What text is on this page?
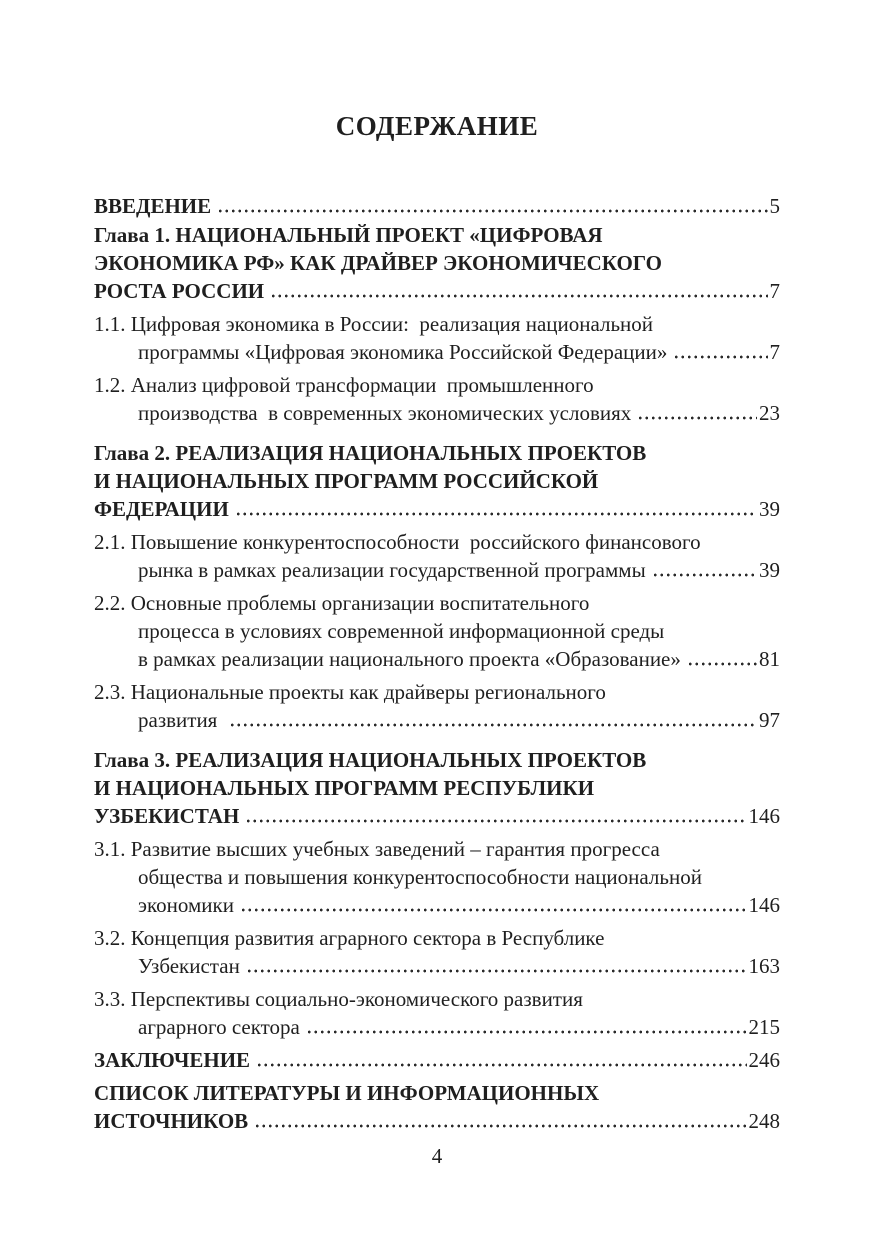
СОДЕРЖАНИЕ
ВВЕДЕНИЕ	5
Глава 1. НАЦИОНАЛЬНЫЙ ПРОЕКТ «ЦИФРОВАЯ
ЭКОНОМИКА РФ» КАК ДРАЙВЕР ЭКОНОМИЧЕСКОГО
РОСТА РОССИИ	7
1.1. Цифровая экономика в России:  реализация национальной
программы «Цифровая экономика Российской Федерации»	7
1.2. Анализ цифровой трансформации  промышленного
производства  в современных экономических условиях	23
Глава 2. РЕАЛИЗАЦИЯ НАЦИОНАЛЬНЫХ ПРОЕКТОВ
И НАЦИОНАЛЬНЫХ ПРОГРАММ РОССИЙСКОЙ
ФЕДЕРАЦИИ	39
2.1. Повышение конкурентоспособности  российского финансового
рынка в рамках реализации государственной программы	39
2.2. Основные проблемы организации воспитательного
процесса в условиях современной информационной среды
в рамках реализации национального проекта «Образование»	81
2.3. Национальные проекты как драйверы регионального
развития	97
Глава 3. РЕАЛИЗАЦИЯ НАЦИОНАЛЬНЫХ ПРОЕКТОВ
И НАЦИОНАЛЬНЫХ ПРОГРАММ РЕСПУБЛИКИ
УЗБЕКИСТАН	146
3.1. Развитие высших учебных заведений – гарантия прогресса
общества и повышения конкурентоспособности национальной
экономики	146
3.2. Концепция развития аграрного сектора в Республике
Узбекистан	163
3.3. Перспективы социально-экономического развития
аграрного сектора	215
ЗАКЛЮЧЕНИЕ	246
СПИСОК ЛИТЕРАТУРЫ И ИНФОРМАЦИОННЫХ
ИСТОЧНИКОВ	248
4
